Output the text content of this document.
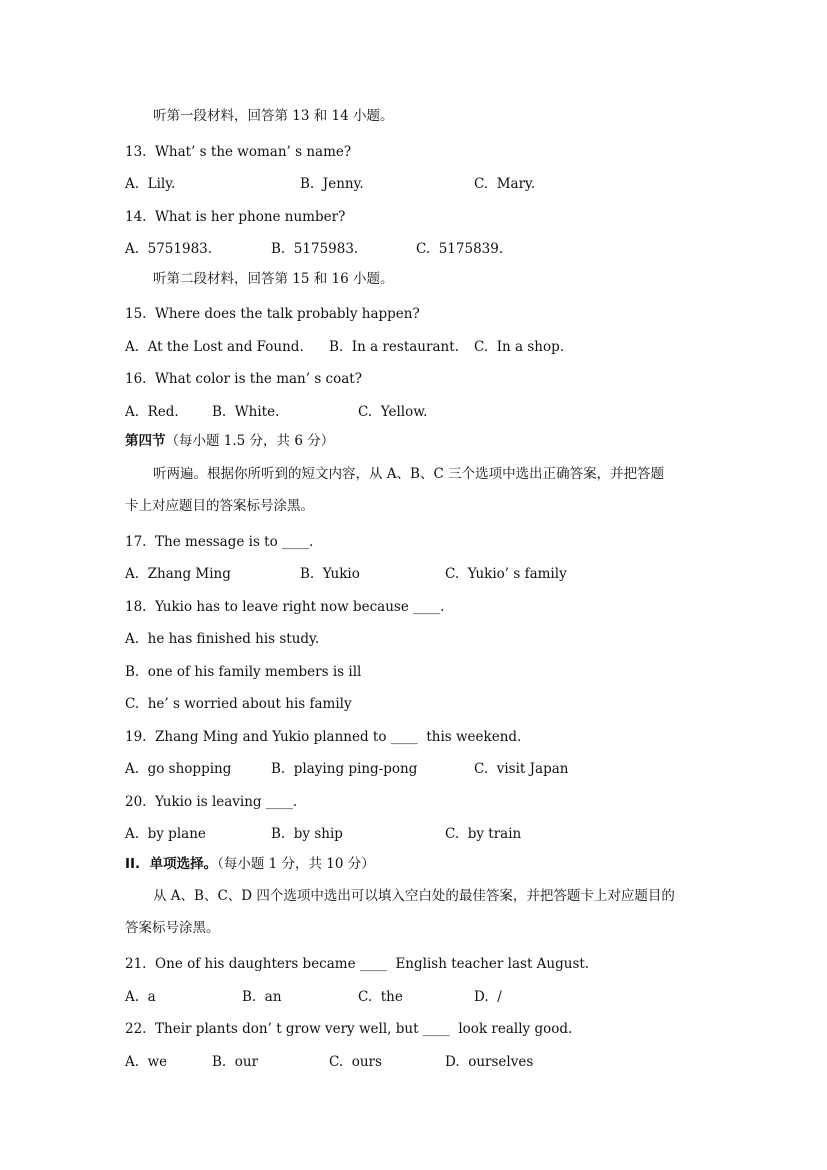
听第一段材料，回答第 13 和 14 小题。
13.  What’ s the woman’ s name?
A.  Lily.	B.  Jenny.	C.  Mary.
14.  What is her phone number?
A.  5751983.	B.  5175983.	C.  5175839.
听第二段材料，回答第 15 和 16 小题。
15.  Where does the talk probably happen?
A.  At the Lost and Found. B.  In a restaurant. C.  In a shop.
16.  What color is the man’ s coat?
A.  Red. B.  White.	C.  Yellow.
第四节（每小题 1.5 分，共 6 分）
听两遍。根据你所听到的短文内容，从 A、B、C 三个选项中选出正确答案，并把答题
卡上对应题目的答案标号涂黑。
17.  The message is to ____.
A.  Zhang Ming	B.  Yukio	C.  Yukio’ s family
18.  Yukio has to leave right now because ____.
A.  he has finished his study.
B.  one of his family members is ill
C.  he’ s worried about his family
19.  Zhang Ming and Yukio planned to ____  this weekend.
A.  go shopping	B.  playing ping-pong	C.  visit Japan
20.  Yukio is leaving ____.
A.  by plane	B.  by ship	C.  by train
II.  单项选择。（每小题 1 分，共 10 分）
从 A、B、C、D 四个选项中选出可以填入空白处的最佳答案，并把答题卡上对应题目的
答案标号涂黑。
21.  One of his daughters became ____  English teacher last August.
A.  a	B.  an	C.  the	D.  /
22.  Their plants don’ t grow very well, but ____  look really good.
A.  we	B.  our	C.  ours	D.  ourselves
